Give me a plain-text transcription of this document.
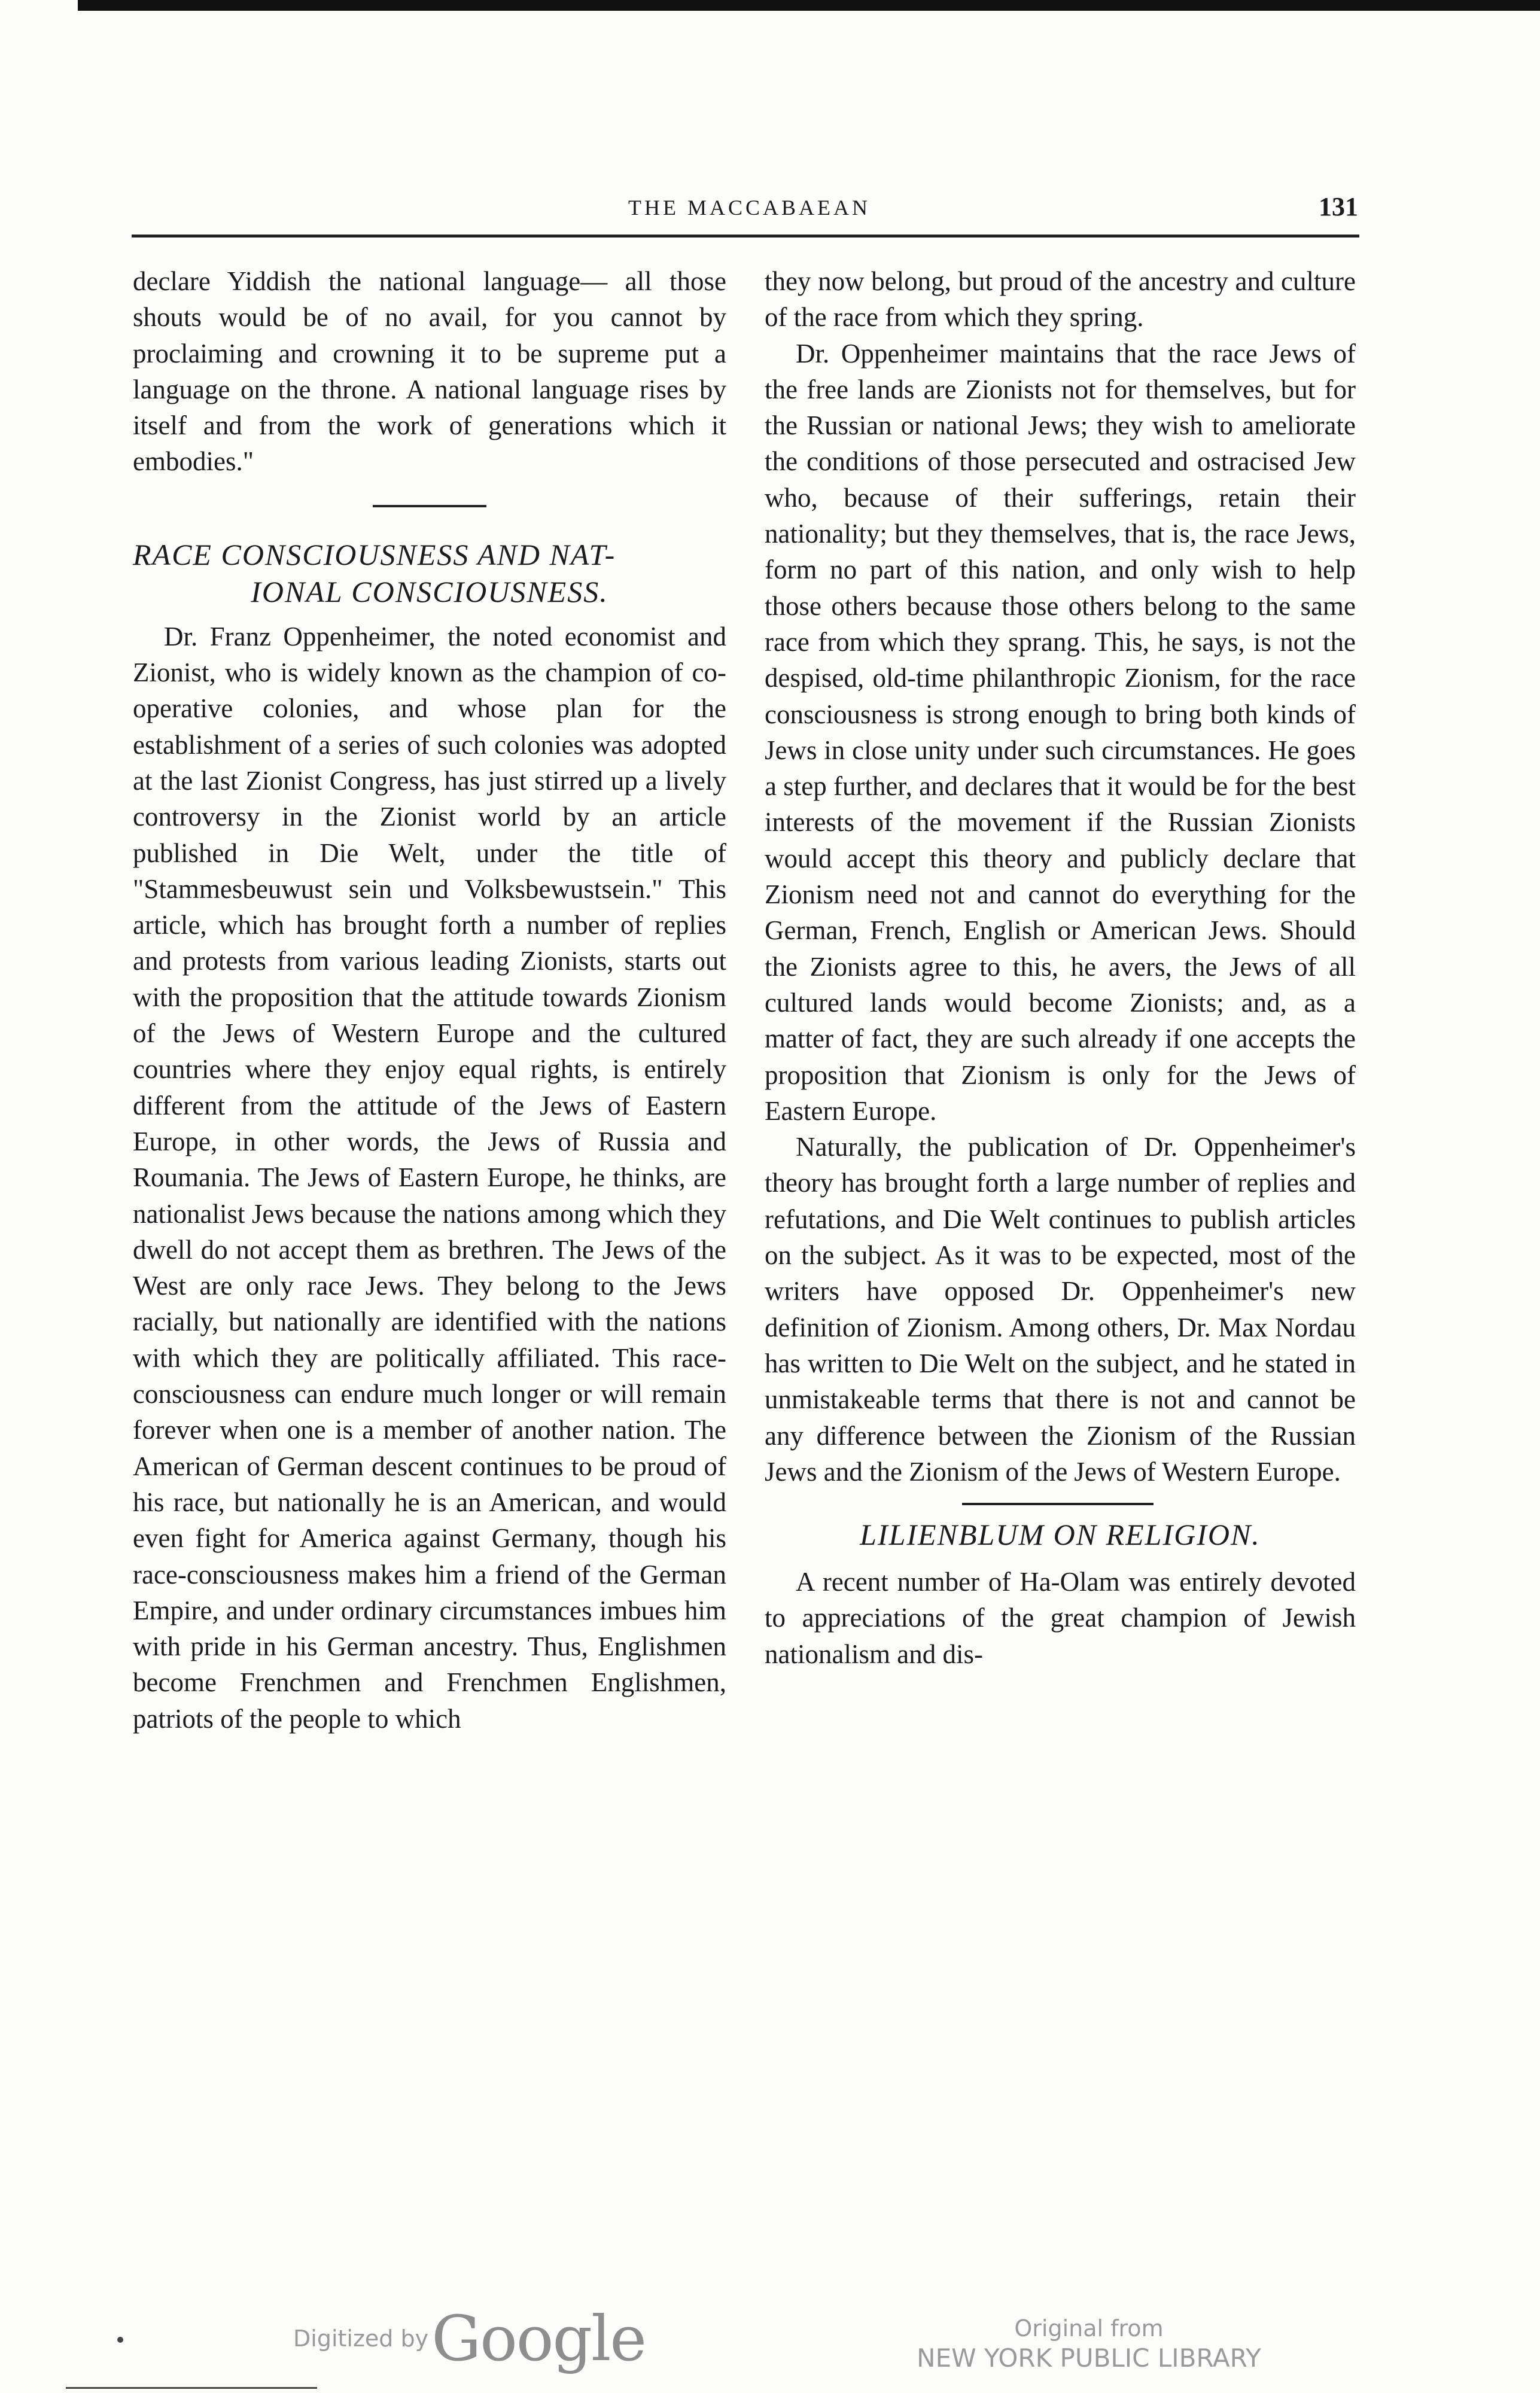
THE MACCABAEAN	131

declare Yiddish the national language— all those shouts would be of no avail, for you cannot by proclaiming and crowning it to be supreme put a language on the throne. A national language rises by itself and from the work of generations which it embodies."

RACE CONSCIOUSNESS AND NAT-
IONAL CONSCIOUSNESS.

Dr. Franz Oppenheimer, the noted economist and Zionist, who is widely known as the champion of co-operative colonies, and whose plan for the establishment of a series of such colonies was adopted at the last Zionist Congress, has just stirred up a lively controversy in the Zionist world by an article published in Die Welt, under the title of "Stammesbeuwust sein und Volksbewustsein." This article, which has brought forth a number of replies and protests from various leading Zionists, starts out with the proposition that the attitude towards Zionism of the Jews of Western Europe and the cultured countries where they enjoy equal rights, is entirely different from the attitude of the Jews of Eastern Europe, in other words, the Jews of Russia and Roumania. The Jews of Eastern Europe, he thinks, are nationalist Jews because the nations among which they dwell do not accept them as brethren. The Jews of the West are only race Jews. They belong to the Jews racially, but nationally are identified with the nations with which they are politically affiliated. This race-consciousness can endure much longer or will remain forever when one is a member of another nation. The American of German descent continues to be proud of his race, but nationally he is an American, and would even fight for America against Germany, though his race-consciousness makes him a friend of the German Empire, and under ordinary circumstances imbues him with pride in his German ancestry. Thus, Englishmen become Frenchmen and Frenchmen Englishmen, patriots of the people to which

they now belong, but proud of the ancestry and culture of the race from which they spring.

Dr. Oppenheimer maintains that the race Jews of the free lands are Zionists not for themselves, but for the Russian or national Jews; they wish to ameliorate the conditions of those persecuted and ostracised Jew who, because of their sufferings, retain their nationality; but they themselves, that is, the race Jews, form no part of this nation, and only wish to help those others because those others belong to the same race from which they sprang. This, he says, is not the despised, old-time philanthropic Zionism, for the race consciousness is strong enough to bring both kinds of Jews in close unity under such circumstances. He goes a step further, and declares that it would be for the best interests of the movement if the Russian Zionists would accept this theory and publicly declare that Zionism need not and cannot do everything for the German, French, English or American Jews. Should the Zionists agree to this, he avers, the Jews of all cultured lands would become Zionists; and, as a matter of fact, they are such already if one accepts the proposition that Zionism is only for the Jews of Eastern Europe.

Naturally, the publication of Dr. Oppenheimer's theory has brought forth a large number of replies and refutations, and Die Welt continues to publish articles on the subject. As it was to be expected, most of the writers have opposed Dr. Oppenheimer's new definition of Zionism. Among others, Dr. Max Nordau has written to Die Welt on the subject, and he stated in unmistakeable terms that there is not and cannot be any difference between the Zionism of the Russian Jews and the Zionism of the Jews of Western Europe.

LILIENBLUM ON RELIGION.

A recent number of Ha-Olam was entirely devoted to appreciations of the great champion of Jewish nationalism and dis-

Digitized by Google	Original from
NEW YORK PUBLIC LIBRARY
